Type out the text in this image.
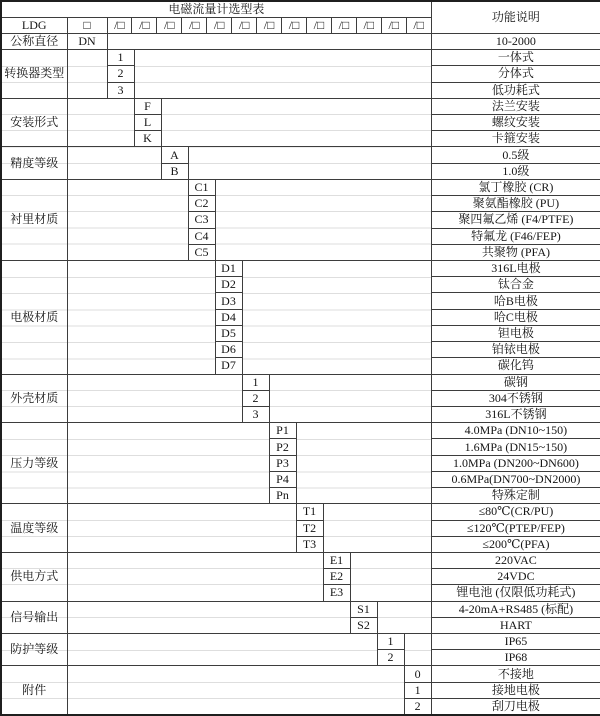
电磁流量计选型表														功能说明
LDG	□	/□	/□	/□	/□	/□	/□	/□	/□	/□	/□	/□	/□	/□

公称直径	DN													10-2000
转换器类型		1												一体式
		2												分体式
		3												低功耗式
安装形式			F											法兰安装
			L											螺纹安装
			K											卡箍安装
精度等级				A										0.5级
				B										1.0级
衬里材质					C1									氯丁橡胶 (CR)
					C2									聚氨酯橡胶 (PU)
					C3									聚四氟乙烯 (F4/PTFE)
					C4									特氟龙 (F46/FEP)
					C5									共聚物 (PFA)
电极材质						D1								316L电极
						D2								钛合金
						D3								哈B电极
						D4								哈C电极
						D5								钽电极
						D6								铂铱电极
						D7								碳化钨
外壳材质							1							碳钢
							2							304不锈钢
							3							316L不锈钢
压力等级								P1						4.0MPa (DN10~150)
								P2						1.6MPa (DN15~150)
								P3						1.0MPa (DN200~DN600)
								P4						0.6MPa(DN700~DN2000)
								Pn						特殊定制
温度等级									T1					≤80℃(CR/PU)
									T2					≤120℃(PTEP/FEP)
									T3					≤200℃(PFA)
供电方式										E1				220VAC
										E2				24VDC
										E3				锂电池 (仅限低功耗式)
信号输出											S1			4-20mA+RS485 (标配)
											S2			HART
防护等级												1		IP65
												2		IP68
附件													0	不接地
													1	接地电极
													2	刮刀电极
